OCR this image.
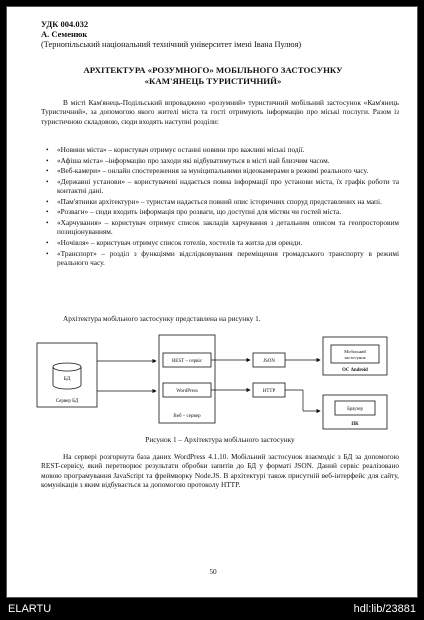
УДК 004.032
А. Семенюк
(Тернопільський національний технічний університет імені Івана Пулюя)
АРХІТЕКТУРА «РОЗУМНОГО» МОБІЛЬНОГО ЗАСТОСУНКУ
«КАМ'ЯНЕЦЬ ТУРИСТИЧНИЙ»
В місті Кам'янець-Подільський впроваджено «розумний» туристичний мобільний застосунок «Кам'янець Туристичний», за допомогою якого жителі міста та гості отримують інформацію про міські послуги. Разом із туристичною складовою, сюди входять наступні розділи:
• «Новини міста» – користувач отримує останні новини про важливі міські події.
• «Афіша міста» –інформацію про заходи які відбуватимуться в місті най близчим часом.
• «Веб-камери» – онлайн спостереження за муніципальними відеокамерами в режимі реального часу.
• «Державні установи» – користувачеві надається повна інформації про установи міста, їх графік роботи та контактні дані.
• «Пам'ятники архітектури» – туристам надається повний опис історичних споруд представлених на мапі.
• «Розваги» – сюди входить інформація про розваги, що доступні для містян чи гостей міста.
• «Харчування» – користувач отримує список закладів харчування з детальним описом та геопросторовим позиціонуванням.
• «Ночівля» – користувач отримує список готелів, хостелів та житла для оренди.
• «Транспорт» – розділ з функціями відслідковування переміщення громадського транспорту в режимі реального часу.
Архітектура мобільного застосунку представлена на рисунку 1.
БД
Сервер БД
REST – сервіс
WordPress
Веб – сервер
JSON
HTTP
Мобільний
застосунок
ОС Android
Браузер
ПК
Рисунок 1 – Архітектура мобільного застосунку
На сервері розгорнута база даних WordPress 4.1.10. Мобільний застосунок взаємодіє з БД за допомогою REST-сервісу, який перетворює результати обробки запитів до БД у форматі JSON. Даний сервіс реалізовано мовою програмування JavaScript та фреймворку Node.JS. В архітектурі також присутній веб-інтерфейс для сайту, комунікація з яким відбувається за допомогою протоколу HTTP.
50
ELARTU	hdl:lib/23881
